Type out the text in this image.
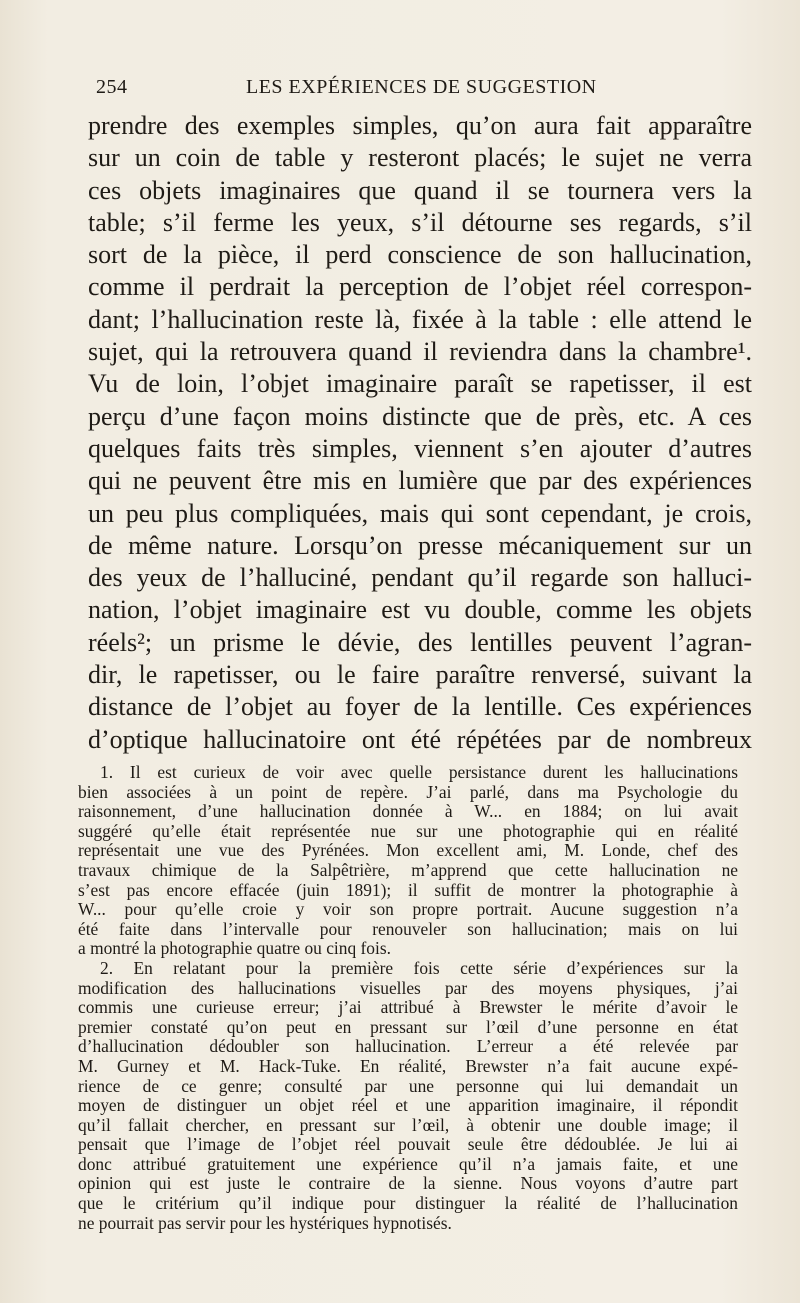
254	LES EXPÉRIENCES DE SUGGESTION
prendre des exemples simples, qu’on aura fait apparaître
sur un coin de table y resteront placés; le sujet ne verra
ces objets imaginaires que quand il se tournera vers la
table; s’il ferme les yeux, s’il détourne ses regards, s’il
sort de la pièce, il perd conscience de son hallucination,
comme il perdrait la perception de l’objet réel correspon-
dant; l’hallucination reste là, fixée à la table : elle attend le
sujet, qui la retrouvera quand il reviendra dans la chambre¹.
Vu de loin, l’objet imaginaire paraît se rapetisser, il est
perçu d’une façon moins distincte que de près, etc. A ces
quelques faits très simples, viennent s’en ajouter d’autres
qui ne peuvent être mis en lumière que par des expériences
un peu plus compliquées, mais qui sont cependant, je crois,
de même nature. Lorsqu’on presse mécaniquement sur un
des yeux de l’halluciné, pendant qu’il regarde son halluci-
nation, l’objet imaginaire est vu double, comme les objets
réels²; un prisme le dévie, des lentilles peuvent l’agran-
dir, le rapetisser, ou le faire paraître renversé, suivant la
distance de l’objet au foyer de la lentille. Ces expériences
d’optique hallucinatoire ont été répétées par de nombreux
1. Il est curieux de voir avec quelle persistance durent les hallucinations
bien associées à un point de repère. J’ai parlé, dans ma Psychologie du
raisonnement, d’une hallucination donnée à W... en 1884; on lui avait
suggéré qu’elle était représentée nue sur une photographie qui en réalité
représentait une vue des Pyrénées. Mon excellent ami, M. Londe, chef des
travaux chimique de la Salpêtrière, m’apprend que cette hallucination ne
s’est pas encore effacée (juin 1891); il suffit de montrer la photographie à
W... pour qu’elle croie y voir son propre portrait. Aucune suggestion n’a
été faite dans l’intervalle pour renouveler son hallucination; mais on lui
a montré la photographie quatre ou cinq fois.
2. En relatant pour la première fois cette série d’expériences sur la
modification des hallucinations visuelles par des moyens physiques, j’ai
commis une curieuse erreur; j’ai attribué à Brewster le mérite d’avoir le
premier constaté qu’on peut en pressant sur l’œil d’une personne en état
d’hallucination dédoubler son hallucination. L’erreur a été relevée par
M. Gurney et M. Hack-Tuke. En réalité, Brewster n’a fait aucune expé-
rience de ce genre; consulté par une personne qui lui demandait un
moyen de distinguer un objet réel et une apparition imaginaire, il répondit
qu’il fallait chercher, en pressant sur l’œil, à obtenir une double image; il
pensait que l’image de l’objet réel pouvait seule être dédoublée. Je lui ai
donc attribué gratuitement une expérience qu’il n’a jamais faite, et une
opinion qui est juste le contraire de la sienne. Nous voyons d’autre part
que le critérium qu’il indique pour distinguer la réalité de l’hallucination
ne pourrait pas servir pour les hystériques hypnotisés.
